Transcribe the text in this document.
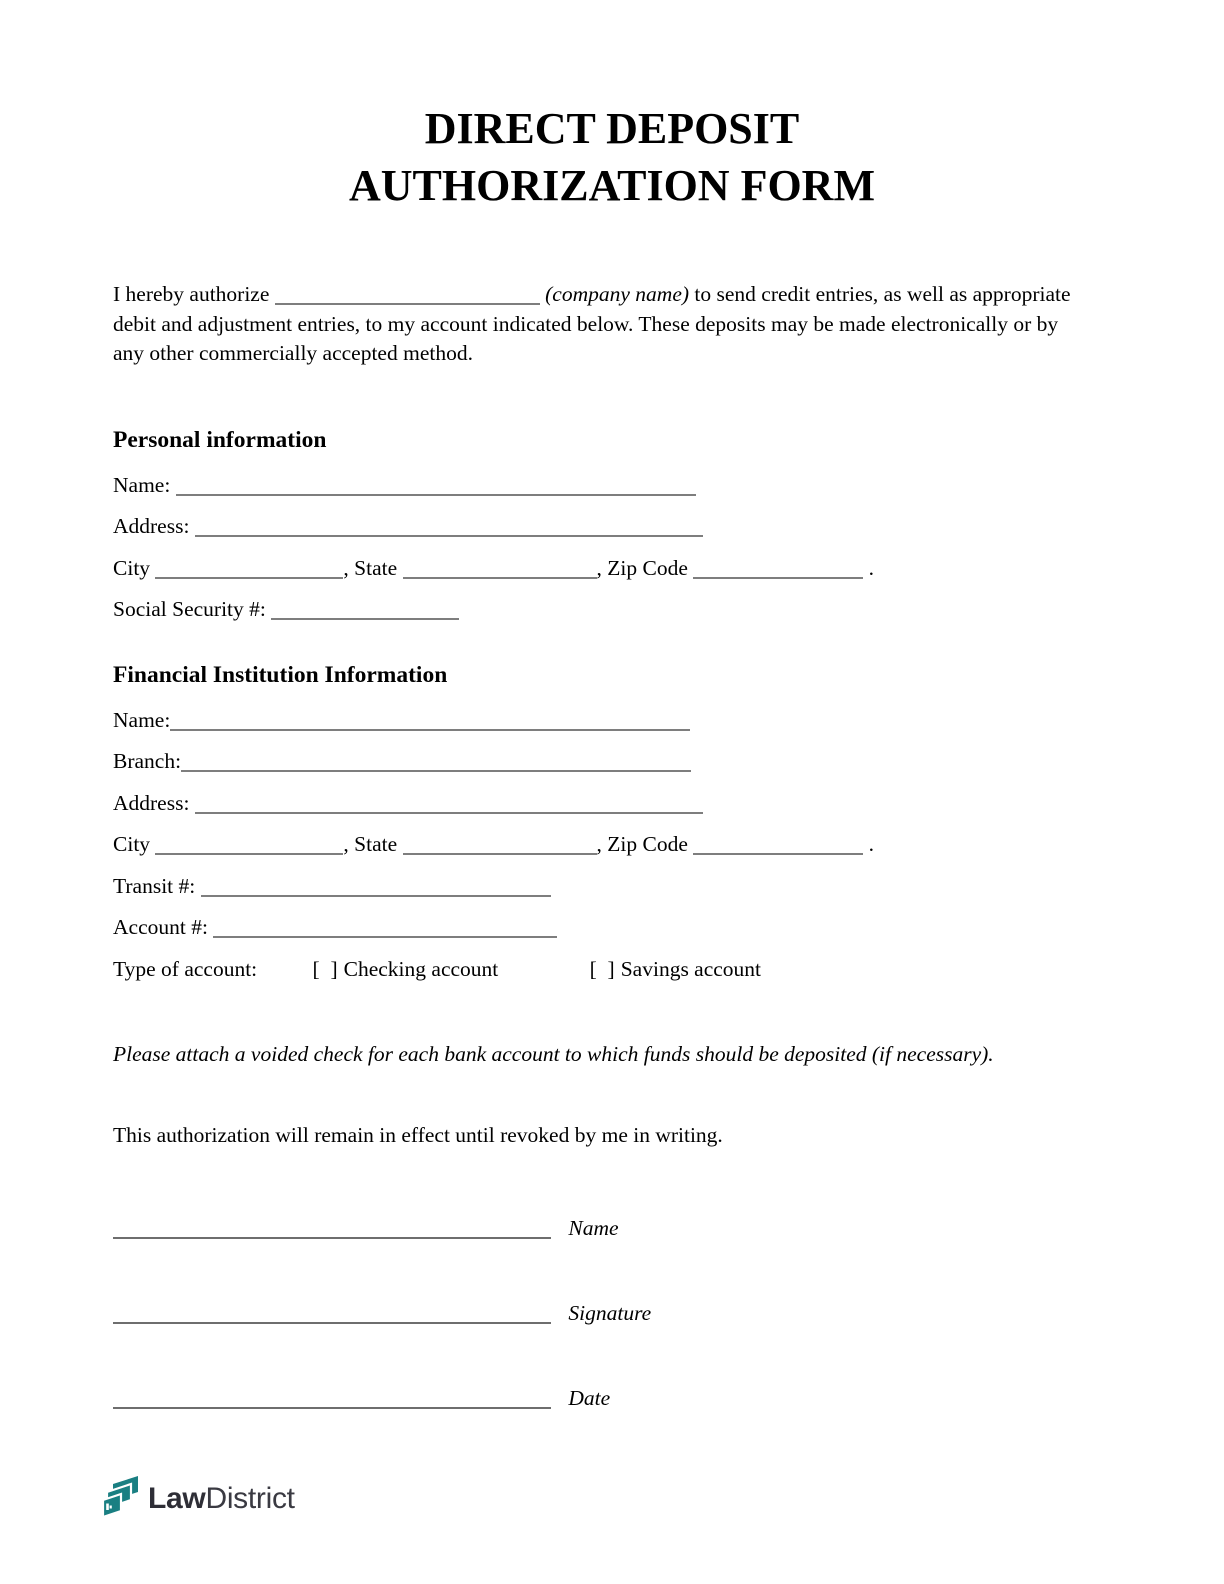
DIRECT DEPOSIT
AUTHORIZATION FORM

I hereby authorize	(company name) to send credit entries, as well as appropriate debit and adjustment entries, to my account indicated below. These deposits may be made electronically or by any other commercially accepted method.

Personal information
Name:
Address:
City	, State	, Zip Code	.
Social Security #:
Financial Institution Information
Name:
Branch:
Address:
City	, State	, Zip Code	.
Transit #:
Account #:
Type of account:	[  ] Checking account	[  ] Savings account

Please attach a voided check for each bank account to which funds should be deposited (if necessary).

This authorization will remain in effect until revoked by me in writing.

Name
Signature
Date
LawDistrict
